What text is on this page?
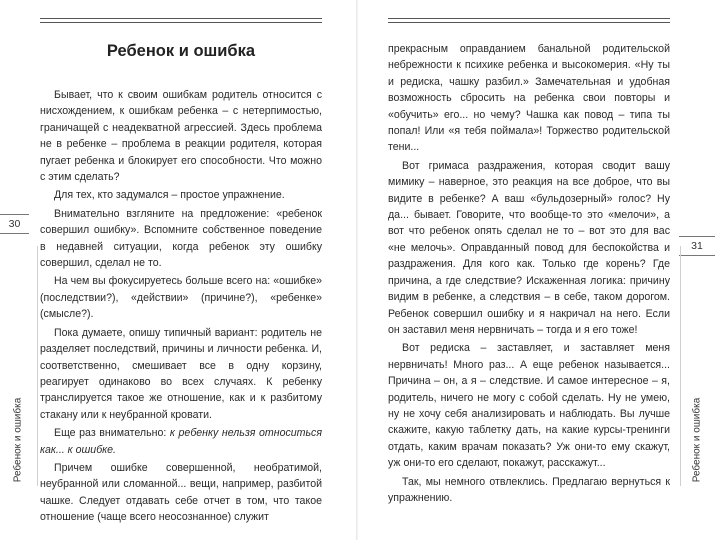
Ребенок и ошибка
30
Ребенок и ошибка

Бывает, что к своим ошибкам родитель относится с нисхождением, к ошибкам ребенка – с нетерпимостью, граничащей с неадекватной агрессией. Здесь проблема не в ребенке – проблема в реакции родителя, которая пугает ребенка и блокирует его способности. Что можно с этим сделать?

Для тех, кто задумался – простое упражнение.

Внимательно взгляните на предложение: «ребенок совершил ошибку». Вспомните собственное поведение в недавней ситуации, когда ребенок эту ошибку совершил, сделал не то.

На чем вы фокусируетесь больше всего на: «ошибке» (последствии?), «действии» (причине?), «ребенке» (смысле?).

Пока думаете, опишу типичный вариант: родитель не разделяет последствий, причины и личности ребенка. И, соответственно, смешивает все в одну корзину, реагирует одинаково во всех случаях. К ребенку транслируется такое же отношение, как и к разбитому стакану или к неубранной кровати.

Еще раз внимательно: к ребенку нельзя относиться как... к ошибке.

Причем ошибке совершенной, необратимой, неубранной или сломанной... вещи, например, разбитой чашке. Следует отдавать себе отчет в том, что такое отношение (чаще всего неосознанное) служит

31
Ребенок и ошибка

прекрасным оправданием банальной родительской небрежности к психике ребенка и высокомерия. «Ну ты и редиска, чашку разбил.» Замечательная и удобная возможность сбросить на ребенка свои повторы и «обучить» его... но чему? Чашка как повод – типа ты попал! Или «я тебя поймала»! Торжество родительской тени...

Вот гримаса раздражения, которая сводит вашу мимику – наверное, это реакция на все доброе, что вы видите в ребенке? А ваш «бульдозерный» голос? Ну да... бывает. Говорите, что вообще-то это «мелочи», а вот что ребенок опять сделал не то – вот это для вас «не мелочь». Оправданный повод для беспокойства и раздражения. Для кого как. Только где корень? Где причина, а где следствие? Искаженная логика: причину видим в ребенке, а следствия – в себе, таком дорогом. Ребенок совершил ошибку и я накричал на него. Если он заставил меня нервничать – тогда и я его тоже!

Вот редиска – заставляет, и заставляет меня нервничать! Много раз... А еще ребенок называется... Причина – он, а я – следствие. И самое интересное – я, родитель, ничего не могу с собой сделать. Ну не умею, ну не хочу себя анализировать и наблюдать. Вы лучше скажите, какую таблетку дать, на какие курсы-тренинги отдать, каким врачам показать? Уж они-то ему скажут, уж они-то его сделают, покажут, расскажут...

Так, мы немного отвлеклись. Предлагаю вернуться к упражнению.
